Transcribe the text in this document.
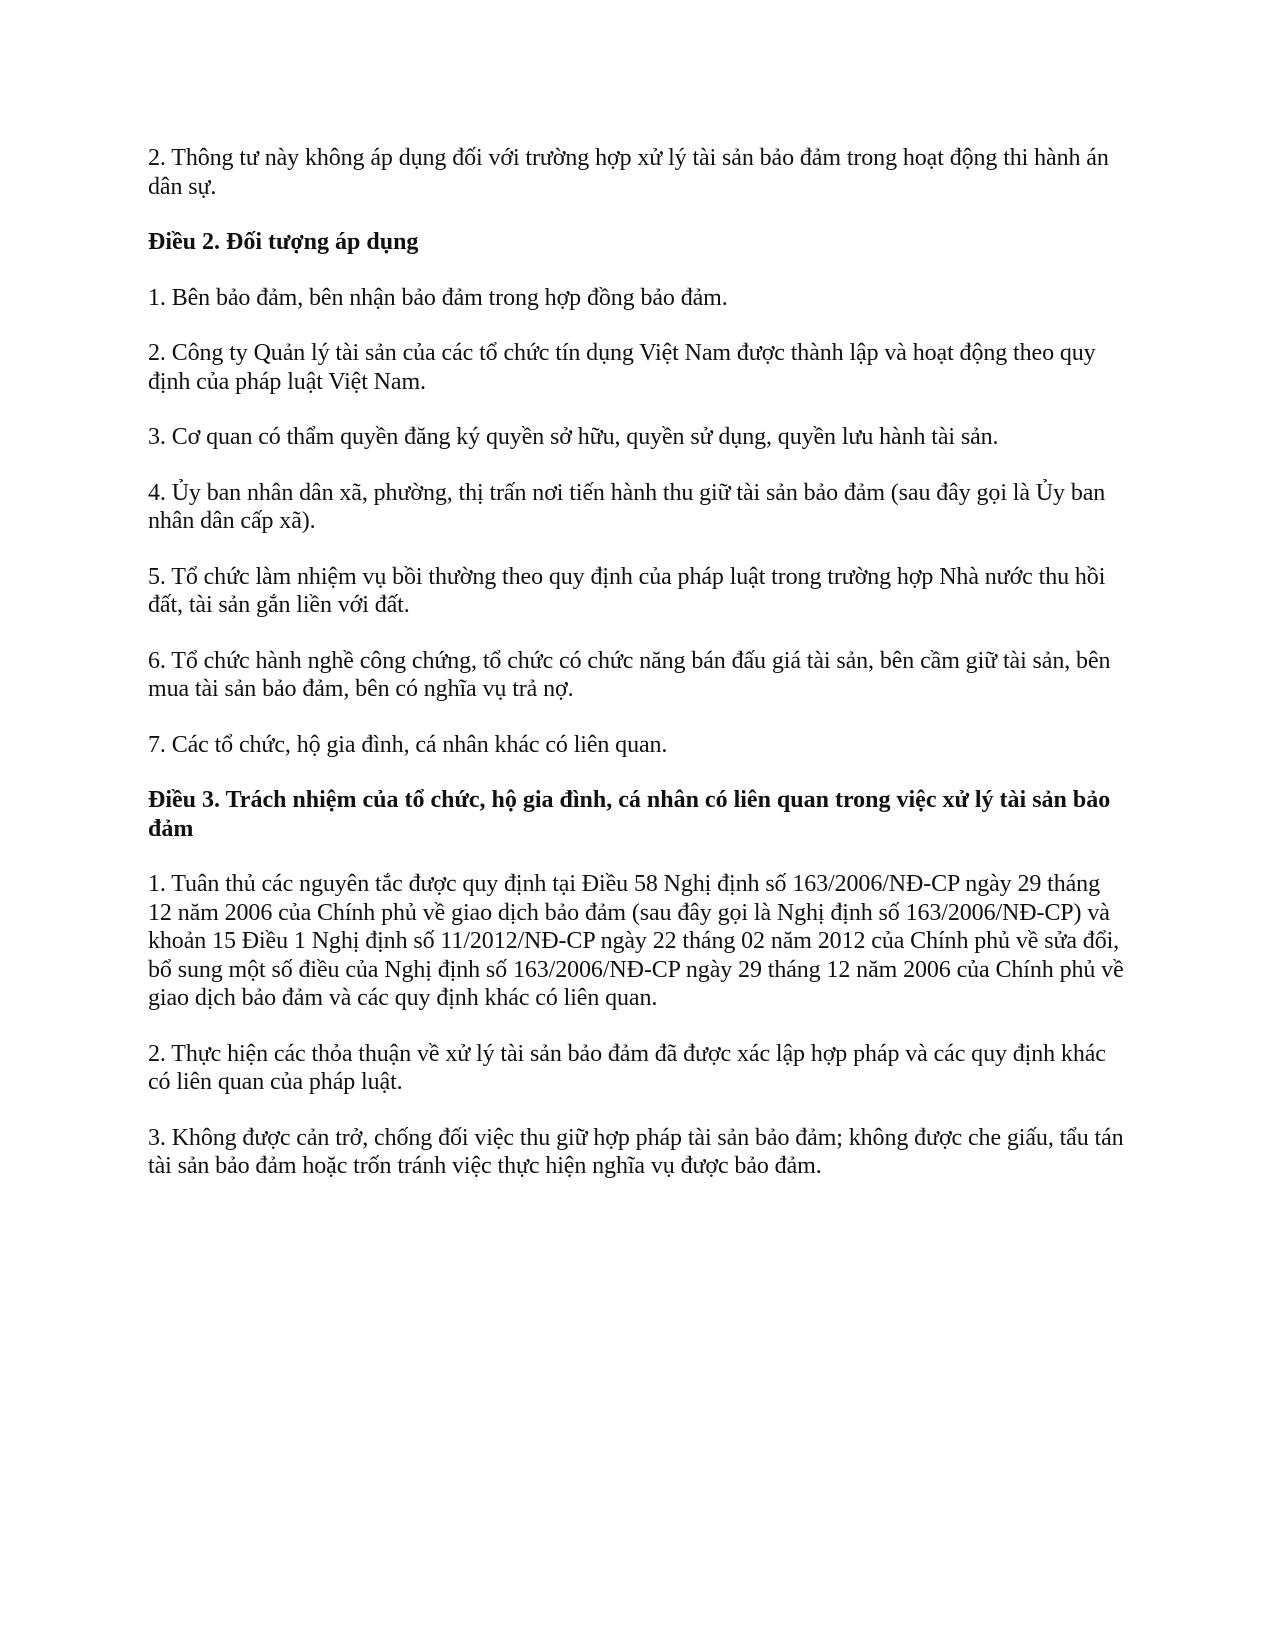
2. Thông tư này không áp dụng đối với trường hợp xử lý tài sản bảo đảm trong hoạt động thi hành án dân sự.

Điều 2. Đối tượng áp dụng

1. Bên bảo đảm, bên nhận bảo đảm trong hợp đồng bảo đảm.

2. Công ty Quản lý tài sản của các tổ chức tín dụng Việt Nam được thành lập và hoạt động theo quy định của pháp luật Việt Nam.

3. Cơ quan có thẩm quyền đăng ký quyền sở hữu, quyền sử dụng, quyền lưu hành tài sản.

4. Ủy ban nhân dân xã, phường, thị trấn nơi tiến hành thu giữ tài sản bảo đảm (sau đây gọi là Ủy ban nhân dân cấp xã).

5. Tổ chức làm nhiệm vụ bồi thường theo quy định của pháp luật trong trường hợp Nhà nước thu hồi đất, tài sản gắn liền với đất.

6. Tổ chức hành nghề công chứng, tổ chức có chức năng bán đấu giá tài sản, bên cầm giữ tài sản, bên mua tài sản bảo đảm, bên có nghĩa vụ trả nợ.

7. Các tổ chức, hộ gia đình, cá nhân khác có liên quan.

Điều 3. Trách nhiệm của tổ chức, hộ gia đình, cá nhân có liên quan trong việc xử lý tài sản bảo đảm

1. Tuân thủ các nguyên tắc được quy định tại Điều 58 Nghị định số 163/2006/NĐ-CP ngày 29 tháng 12 năm 2006 của Chính phủ về giao dịch bảo đảm (sau đây gọi là Nghị định số 163/2006/NĐ-CP) và khoản 15 Điều 1 Nghị định số 11/2012/NĐ-CP ngày 22 tháng 02 năm 2012 của Chính phủ về sửa đổi, bổ sung một số điều của Nghị định số 163/2006/NĐ-CP ngày 29 tháng 12 năm 2006 của Chính phủ về giao dịch bảo đảm và các quy định khác có liên quan.

2. Thực hiện các thỏa thuận về xử lý tài sản bảo đảm đã được xác lập hợp pháp và các quy định khác có liên quan của pháp luật.

3. Không được cản trở, chống đối việc thu giữ hợp pháp tài sản bảo đảm; không được che giấu, tẩu tán tài sản bảo đảm hoặc trốn tránh việc thực hiện nghĩa vụ được bảo đảm.
